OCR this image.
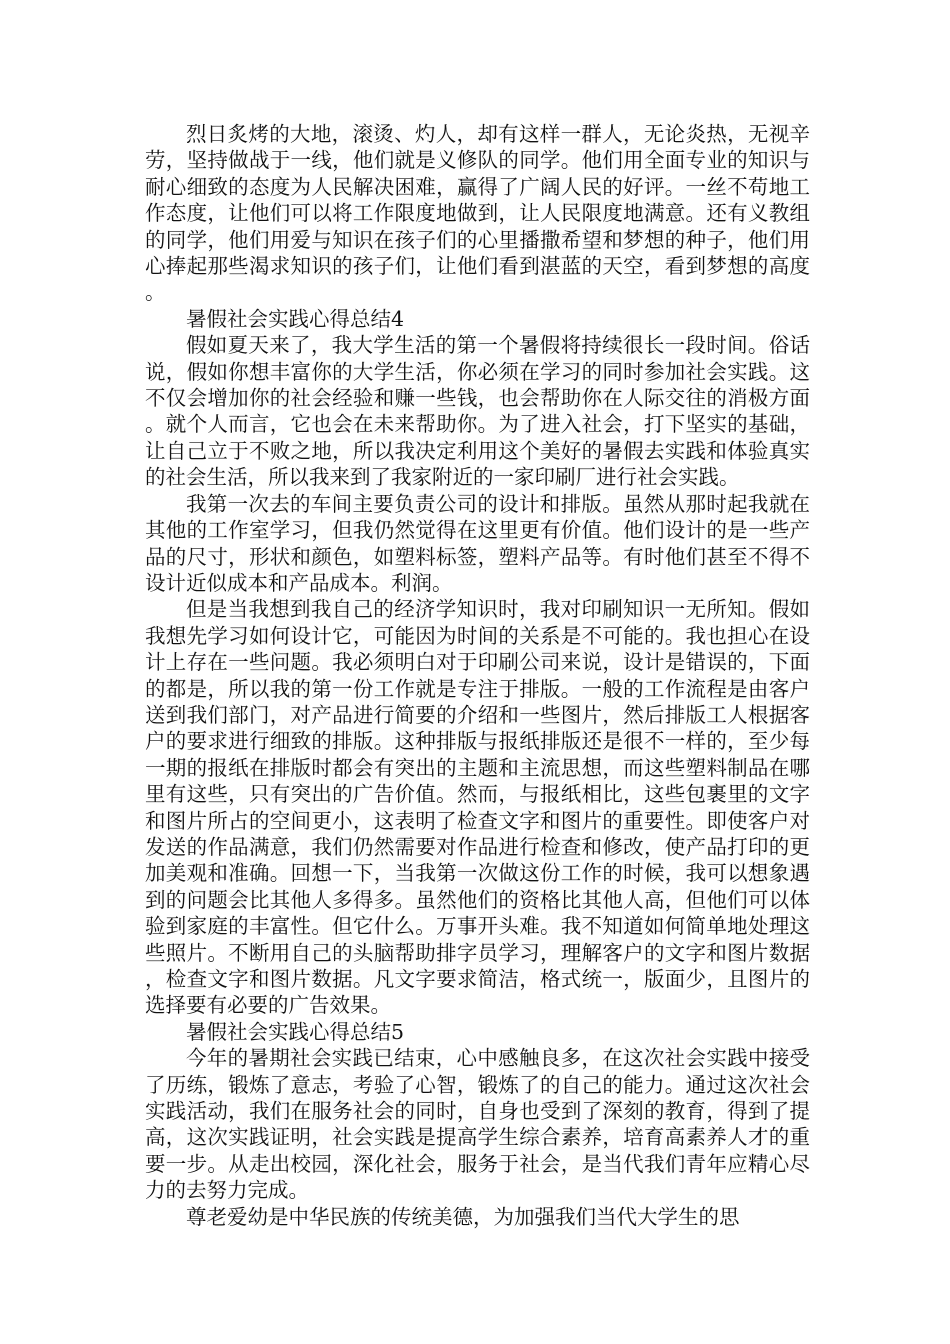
烈日炙烤的大地，滚烫、灼人，却有这样一群人，无论炎热，无视辛劳，坚持做战于一线，他们就是义修队的同学。他们用全面专业的知识与耐心细致的态度为人民解决困难，赢得了广阔人民的好评。一丝不苟地工作态度，让他们可以将工作限度地做到，让人民限度地满意。还有义教组的同学，他们用爱与知识在孩子们的心里播撒希望和梦想的种子，他们用心捧起那些渴求知识的孩子们，让他们看到湛蓝的天空，看到梦想的高度。

暑假社会实践心得总结4

假如夏天来了，我大学生活的第一个暑假将持续很长一段时间。俗话说，假如你想丰富你的大学生活，你必须在学习的同时参加社会实践。这不仅会增加你的社会经验和赚一些钱，也会帮助你在人际交往的消极方面。就个人而言，它也会在未来帮助你。为了进入社会，打下坚实的基础，让自己立于不败之地，所以我决定利用这个美好的暑假去实践和体验真实的社会生活，所以我来到了我家附近的一家印刷厂进行社会实践。

我第一次去的车间主要负责公司的设计和排版。虽然从那时起我就在其他的工作室学习，但我仍然觉得在这里更有价值。他们设计的是一些产品的尺寸，形状和颜色，如塑料标签，塑料产品等。有时他们甚至不得不设计近似成本和产品成本。利润。

但是当我想到我自己的经济学知识时，我对印刷知识一无所知。假如我想先学习如何设计它，可能因为时间的关系是不可能的。我也担心在设计上存在一些问题。我必须明白对于印刷公司来说，设计是错误的，下面的都是，所以我的第一份工作就是专注于排版。一般的工作流程是由客户送到我们部门，对产品进行简要的介绍和一些图片，然后排版工人根据客户的要求进行细致的排版。这种排版与报纸排版还是很不一样的，至少每一期的报纸在排版时都会有突出的主题和主流思想，而这些塑料制品在哪里有这些，只有突出的广告价值。然而，与报纸相比，这些包裹里的文字和图片所占的空间更小，这表明了检查文字和图片的重要性。即使客户对发送的作品满意，我们仍然需要对作品进行检查和修改，使产品打印的更加美观和准确。回想一下，当我第一次做这份工作的时候，我可以想象遇到的问题会比其他人多得多。虽然他们的资格比其他人高，但他们可以体验到家庭的丰富性。但它什么。万事开头难。我不知道如何简单地处理这些照片。不断用自己的头脑帮助排字员学习，理解客户的文字和图片数据，检查文字和图片数据。凡文字要求简洁，格式统一，版面少，且图片的选择要有必要的广告效果。

暑假社会实践心得总结5

今年的暑期社会实践已结束，心中感触良多，在这次社会实践中接受了历练，锻炼了意志，考验了心智，锻炼了的自己的能力。通过这次社会实践活动，我们在服务社会的同时，自身也受到了深刻的教育，得到了提高，这次实践证明，社会实践是提高学生综合素养，培育高素养人才的重要一步。从走出校园，深化社会，服务于社会，是当代我们青年应精心尽力的去努力完成。

尊老爱幼是中华民族的传统美德，为加强我们当代大学生的思
